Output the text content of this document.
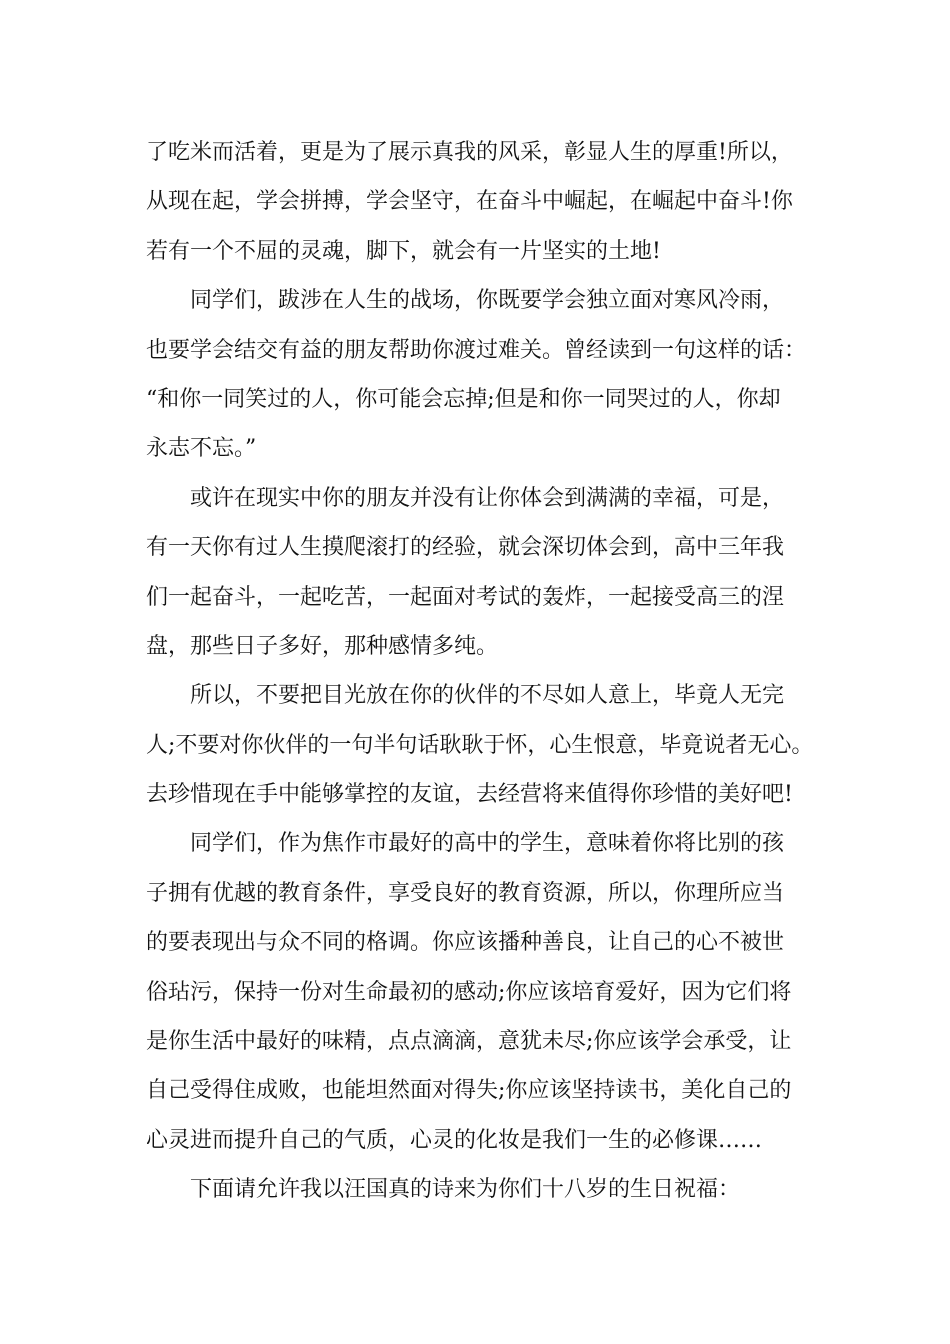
了吃米而活着，更是为了展示真我的风采，彰显人生的厚重!所以，
从现在起，学会拼搏，学会坚守，在奋斗中崛起，在崛起中奋斗!你
若有一个不屈的灵魂，脚下，就会有一片坚实的土地!
同学们，跋涉在人生的战场，你既要学会独立面对寒风冷雨，
也要学会结交有益的朋友帮助你渡过难关。曾经读到一句这样的话：
“和你一同笑过的人，你可能会忘掉;但是和你一同哭过的人，你却
永志不忘。”
或许在现实中你的朋友并没有让你体会到满满的幸福，可是，
有一天你有过人生摸爬滚打的经验，就会深切体会到，高中三年我
们一起奋斗，一起吃苦，一起面对考试的轰炸，一起接受高三的涅
盘，那些日子多好，那种感情多纯。
所以，不要把目光放在你的伙伴的不尽如人意上，毕竟人无完
人;不要对你伙伴的一句半句话耿耿于怀，心生恨意，毕竟说者无心。
去珍惜现在手中能够掌控的友谊，去经营将来值得你珍惜的美好吧!
同学们，作为焦作市最好的高中的学生，意味着你将比别的孩
子拥有优越的教育条件，享受良好的教育资源，所以，你理所应当
的要表现出与众不同的格调。你应该播种善良，让自己的心不被世
俗玷污，保持一份对生命最初的感动;你应该培育爱好，因为它们将
是你生活中最好的味精，点点滴滴，意犹未尽;你应该学会承受，让
自己受得住成败，也能坦然面对得失;你应该坚持读书，美化自己的
心灵进而提升自己的气质，心灵的化妆是我们一生的必修课……
下面请允许我以汪国真的诗来为你们十八岁的生日祝福：
